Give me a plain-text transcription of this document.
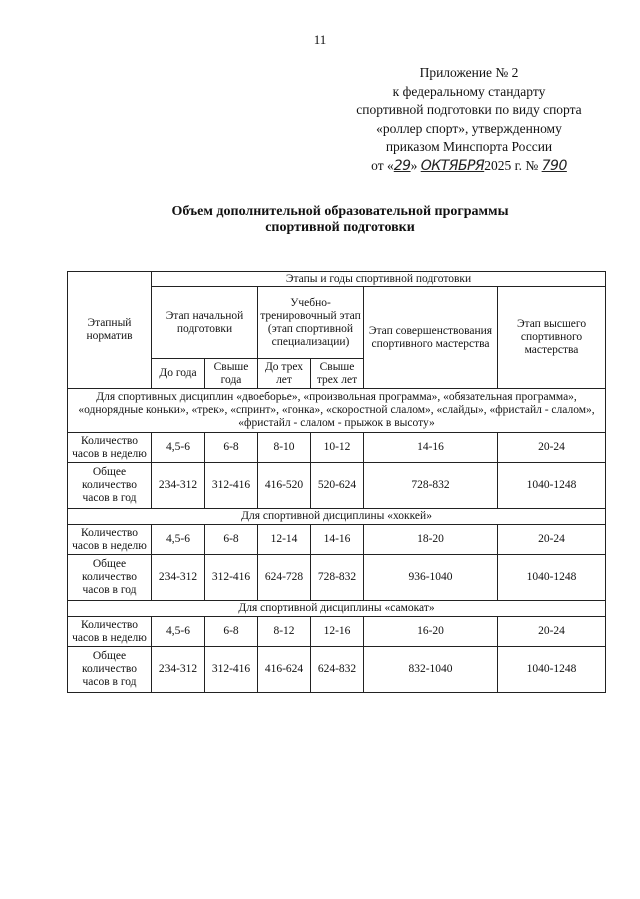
11
Приложение № 2
к федеральному стандарту
спортивной подготовки по виду спорта
«роллер спорт», утвержденному
приказом Минспорта России
от «29» ОКТЯБРЯ2025 г. № 790
Объем дополнительной образовательной программы
спортивной подготовки
Этапный норматив	Этапы и годы спортивной подготовки					
	Этап начальной подготовки		Учебно-тренировочный этап (этап спортивной специализации)		Этап совершенствования спортивного мастерства	Этап высшего спортивного мастерства
	До года	Свыше года	До трех лет	Свыше трех лет		
Для спортивных дисциплин «двоеборье», «произвольная программа», «обязательная программа», «однорядные коньки», «трек», «спринт», «гонка», «скоростной слалом», «слайды», «фристайл - слалом», «фристайл - слалом - прыжок в высоту»						
Количество часов в неделю	4,5-6	6-8	8-10	10-12	14-16	20-24
Общее количество часов в год	234-312	312-416	416-520	520-624	728-832	1040-1248
Для спортивной дисциплины «хоккей»						
Количество часов в неделю	4,5-6	6-8	12-14	14-16	18-20	20-24
Общее количество часов в год	234-312	312-416	624-728	728-832	936-1040	1040-1248
Для спортивной дисциплины «самокат»						
Количество часов в неделю	4,5-6	6-8	8-12	12-16	16-20	20-24
Общее количество часов в год	234-312	312-416	416-624	624-832	832-1040	1040-1248
